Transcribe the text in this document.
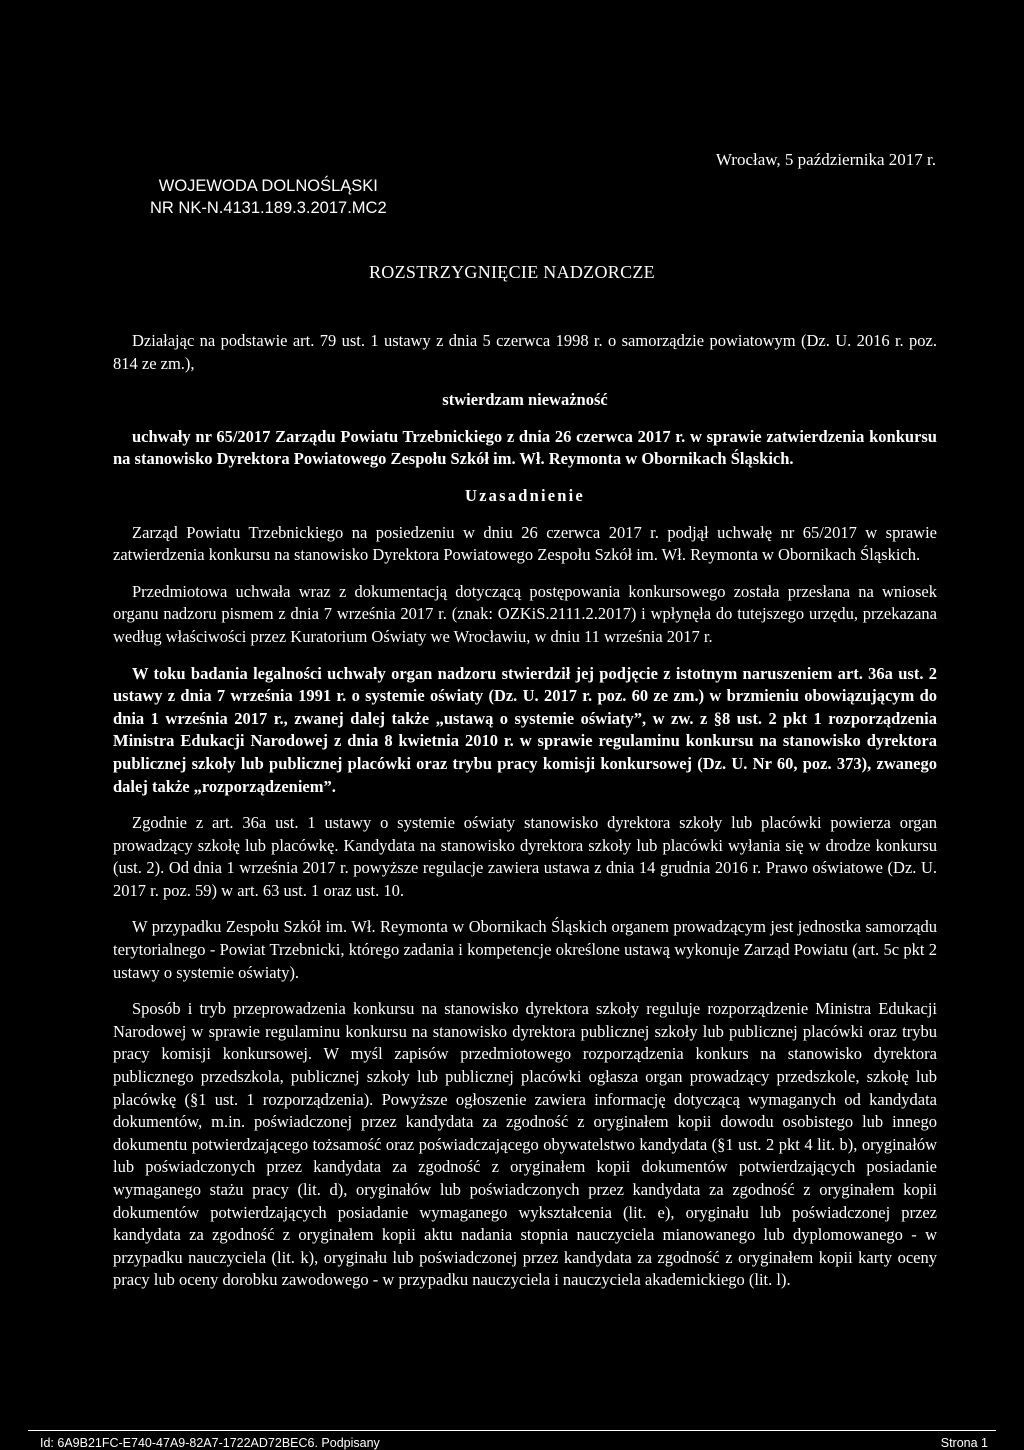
WOJEWODA DOLNOŚLĄSKI
NR NK-N.4131.189.3.2017.MC2
Wrocław, 5 października 2017 r.
ROZSTRZYGNIĘCIE NADZORCZE

Działając na podstawie art. 79 ust. 1 ustawy z dnia 5 czerwca 1998 r. o samorządzie powiatowym (Dz. U. 2016 r. poz. 814 ze zm.),

stwierdzam nieważność

uchwały nr 65/2017 Zarządu Powiatu Trzebnickiego z dnia 26 czerwca 2017 r. w sprawie zatwierdzenia konkursu na stanowisko Dyrektora Powiatowego Zespołu Szkół im. Wł. Reymonta w Obornikach Śląskich.

Uzasadnienie

Zarząd Powiatu Trzebnickiego na posiedzeniu w dniu 26 czerwca 2017 r. podjął uchwałę nr 65/2017 w sprawie zatwierdzenia konkursu na stanowisko Dyrektora Powiatowego Zespołu Szkół im. Wł. Reymonta w Obornikach Śląskich.

Przedmiotowa uchwała wraz z dokumentacją dotyczącą postępowania konkursowego została przesłana na wniosek organu nadzoru pismem z dnia 7 września 2017 r. (znak: OZKiS.2111.2.2017) i wpłynęła do tutejszego urzędu, przekazana według właściwości przez Kuratorium Oświaty we Wrocławiu, w dniu 11 września 2017 r.

W toku badania legalności uchwały organ nadzoru stwierdził jej podjęcie z istotnym naruszeniem art. 36a ust. 2 ustawy z dnia 7 września 1991 r. o systemie oświaty (Dz. U. 2017 r. poz. 60 ze zm.) w brzmieniu obowiązującym do dnia 1 września 2017 r., zwanej dalej także „ustawą o systemie oświaty”, w zw. z §8 ust. 2 pkt 1 rozporządzenia Ministra Edukacji Narodowej z dnia 8 kwietnia 2010 r. w sprawie regulaminu konkursu na stanowisko dyrektora publicznej szkoły lub publicznej placówki oraz trybu pracy komisji konkursowej (Dz. U. Nr 60, poz. 373), zwanego dalej także „rozporządzeniem”.

Zgodnie z art. 36a ust. 1 ustawy o systemie oświaty stanowisko dyrektora szkoły lub placówki powierza organ prowadzący szkołę lub placówkę. Kandydata na stanowisko dyrektora szkoły lub placówki wyłania się w drodze konkursu (ust. 2). Od dnia 1 września 2017 r. powyższe regulacje zawiera ustawa z dnia 14 grudnia 2016 r. Prawo oświatowe (Dz. U. 2017 r. poz. 59) w art. 63 ust. 1 oraz ust. 10.

W przypadku Zespołu Szkół im. Wł. Reymonta w Obornikach Śląskich organem prowadzącym jest jednostka samorządu terytorialnego - Powiat Trzebnicki, którego zadania i kompetencje określone ustawą wykonuje Zarząd Powiatu (art. 5c pkt 2 ustawy o systemie oświaty).

Sposób i tryb przeprowadzenia konkursu na stanowisko dyrektora szkoły reguluje rozporządzenie Ministra Edukacji Narodowej w sprawie regulaminu konkursu na stanowisko dyrektora publicznej szkoły lub publicznej placówki oraz trybu pracy komisji konkursowej. W myśl zapisów przedmiotowego rozporządzenia konkurs na stanowisko dyrektora publicznego przedszkola, publicznej szkoły lub publicznej placówki ogłasza organ prowadzący przedszkole, szkołę lub placówkę (§1 ust. 1 rozporządzenia). Powyższe ogłoszenie zawiera informację dotyczącą wymaganych od kandydata dokumentów, m.in. poświadczonej przez kandydata za zgodność z oryginałem kopii dowodu osobistego lub innego dokumentu potwierdzającego tożsamość oraz poświadczającego obywatelstwo kandydata (§1 ust. 2 pkt 4 lit. b), oryginałów lub poświadczonych przez kandydata za zgodność z oryginałem kopii dokumentów potwierdzających posiadanie wymaganego stażu pracy (lit. d), oryginałów lub poświadczonych przez kandydata za zgodność z oryginałem kopii dokumentów potwierdzających posiadanie wymaganego wykształcenia (lit. e), oryginału lub poświadczonej przez kandydata za zgodność z oryginałem kopii aktu nadania stopnia nauczyciela mianowanego lub dyplomowanego - w przypadku nauczyciela (lit. k), oryginału lub poświadczonej przez kandydata za zgodność z oryginałem kopii karty oceny pracy lub oceny dorobku zawodowego - w przypadku nauczyciela i nauczyciela akademickiego (lit. l).

Id: 6A9B21FC-E740-47A9-82A7-1722AD72BEC6. Podpisany	Strona 1
